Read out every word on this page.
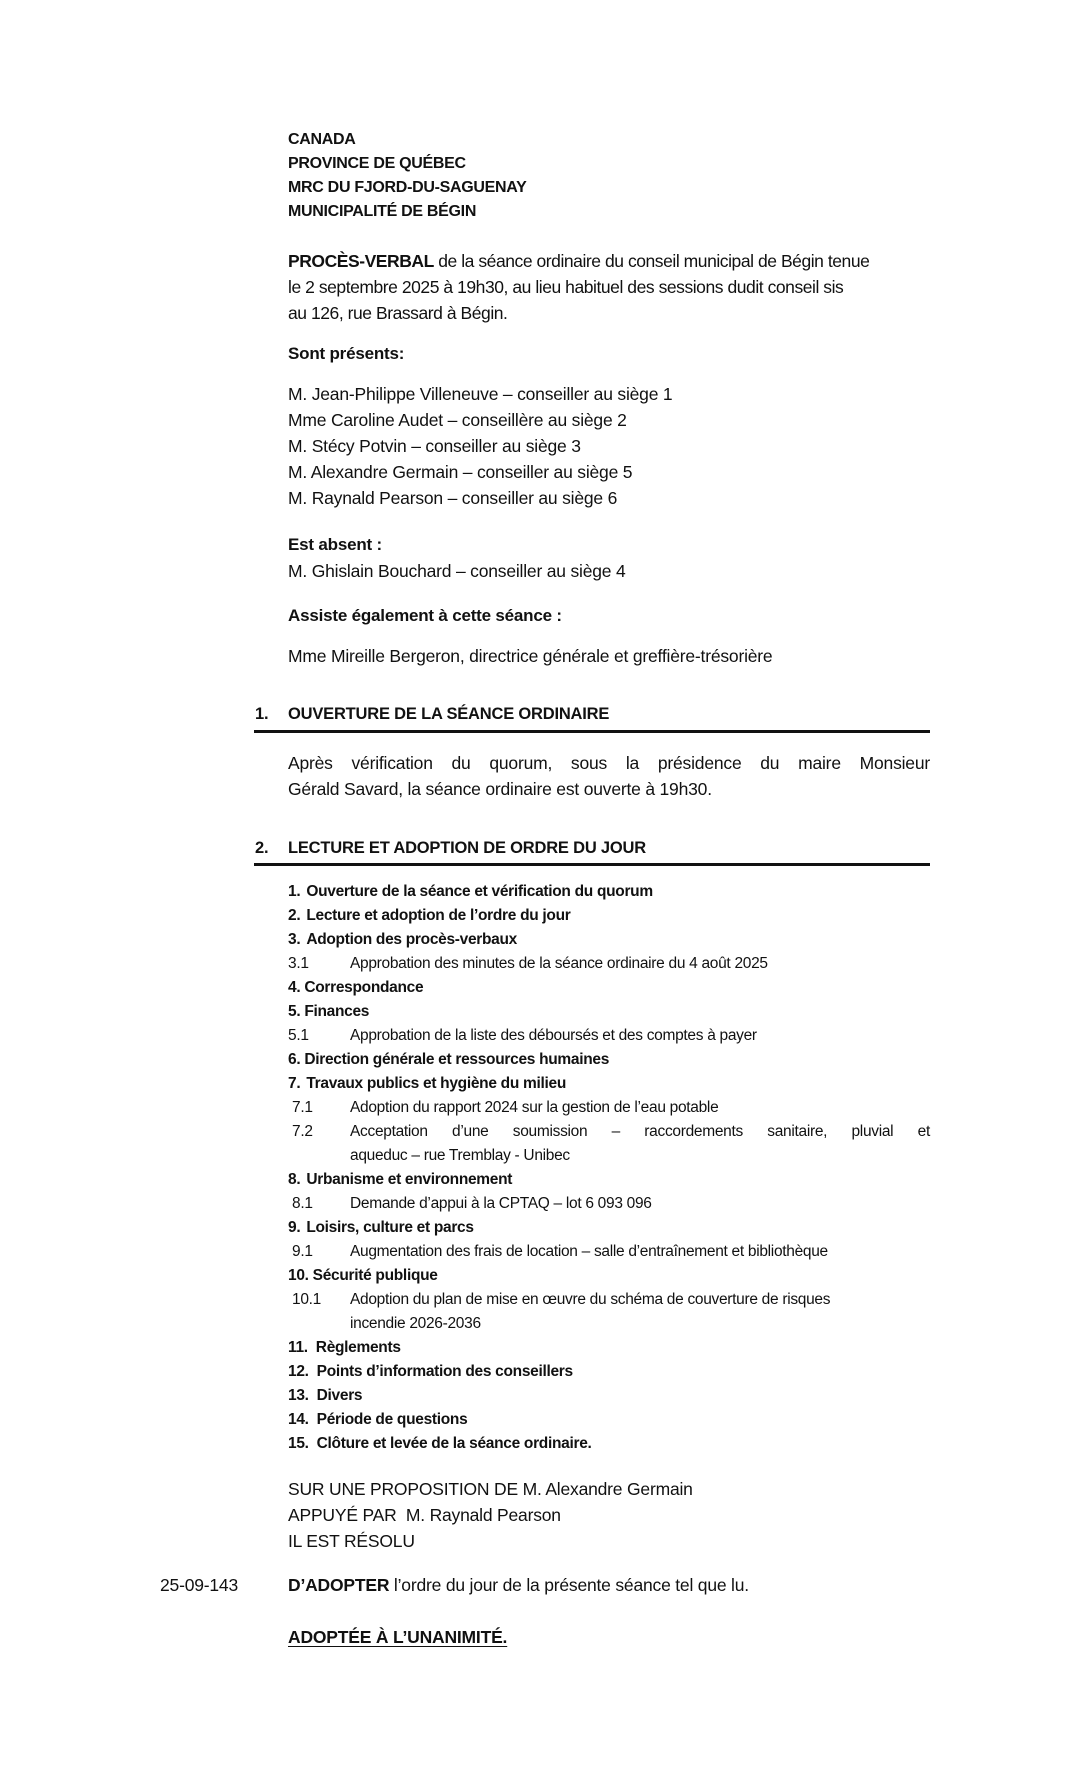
CANADA
PROVINCE DE QUÉBEC
MRC DU FJORD-DU-SAGUENAY
MUNICIPALITÉ DE BÉGIN
PROCÈS-VERBAL de la séance ordinaire du conseil municipal de Bégin tenue
le 2 septembre 2025 à 19h30, au lieu habituel des sessions dudit conseil sis
au 126, rue Brassard à Bégin.
Sont présents:
M. Jean-Philippe Villeneuve – conseiller au siège 1
Mme Caroline Audet – conseillère au siège 2
M. Stécy Potvin – conseiller au siège 3
M. Alexandre Germain – conseiller au siège 5
M. Raynald Pearson – conseiller au siège 6
Est absent :
M. Ghislain Bouchard – conseiller au siège 4
Assiste également à cette séance :
Mme Mireille Bergeron, directrice générale et greffière-trésorière
1. OUVERTURE DE LA SÉANCE ORDINAIRE
Après vérification du quorum, sous la présidence du maire Monsieur
Gérald Savard, la séance ordinaire est ouverte à 19h30.
2. LECTURE ET ADOPTION DE ORDRE DU JOUR
1. Ouverture de la séance et vérification du quorum
2. Lecture et adoption de l’ordre du jour
3. Adoption des procès-verbaux
3.1	Approbation des minutes de la séance ordinaire du 4 août 2025
4. Correspondance
5. Finances
5.1	Approbation de la liste des déboursés et des comptes à payer
6. Direction générale et ressources humaines
7. Travaux publics et hygiène du milieu
7.1 Adoption du rapport 2024 sur la gestion de l’eau potable
7.2	Acceptation d’une soumission – raccordements sanitaire, pluvial et
aqueduc – rue Tremblay - Unibec
8. Urbanisme et environnement
8.1 Demande d’appui à la CPTAQ – lot 6 093 096
9. Loisirs, culture et parcs
9.1 Augmentation des frais de location – salle d’entraînement et bibliothèque
10. Sécurité publique
10.1	Adoption du plan de mise en œuvre du schéma de couverture de risques
incendie 2026-2036
11. Règlements
12. Points d’information des conseillers
13. Divers
14. Période de questions
15. Clôture et levée de la séance ordinaire.
SUR UNE PROPOSITION DE M. Alexandre Germain
APPUYÉ PAR  M. Raynald Pearson
IL EST RÉSOLU
25-09-143	D’ADOPTER l’ordre du jour de la présente séance tel que lu.
ADOPTÉE À L’UNANIMITÉ.
